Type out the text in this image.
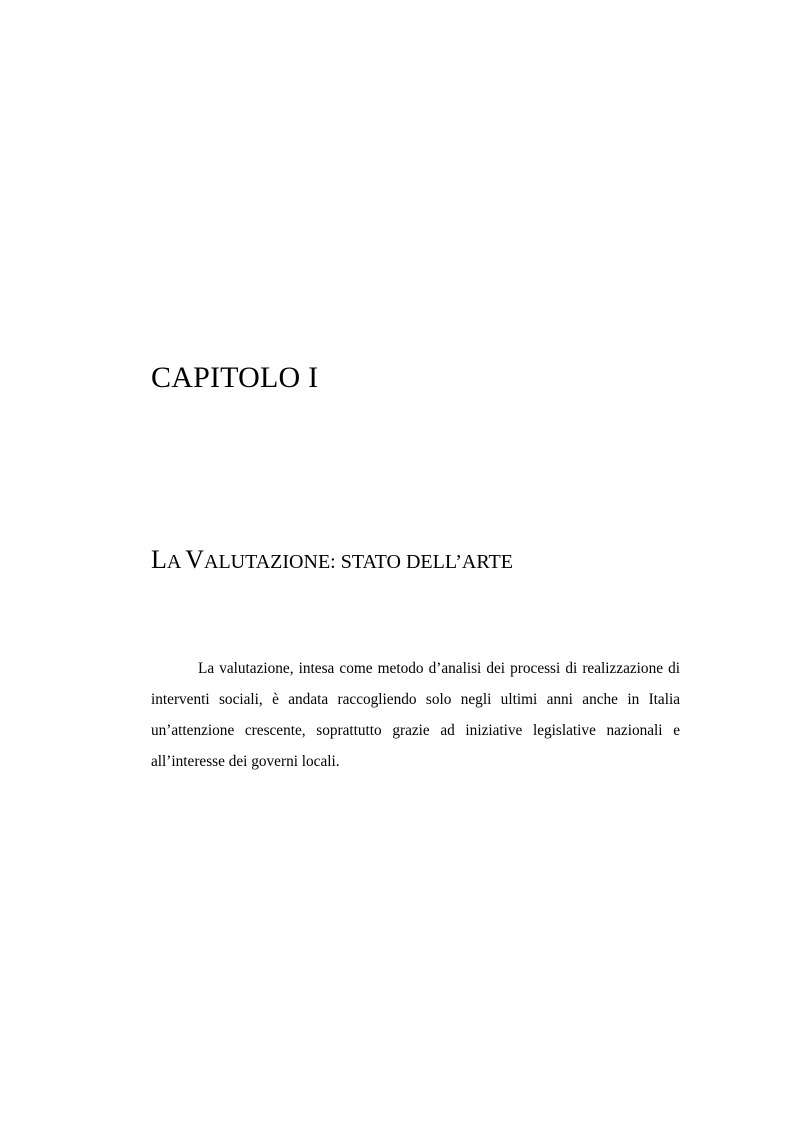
CAPITOLO I
LA VALUTAZIONE: STATO DELL’ARTE

La valutazione, intesa come metodo d’analisi dei processi di realizzazione di interventi sociali, è andata raccogliendo solo negli ultimi anni anche in Italia un’attenzione crescente, soprattutto grazie ad iniziative legislative nazionali e all’interesse dei governi locali.
